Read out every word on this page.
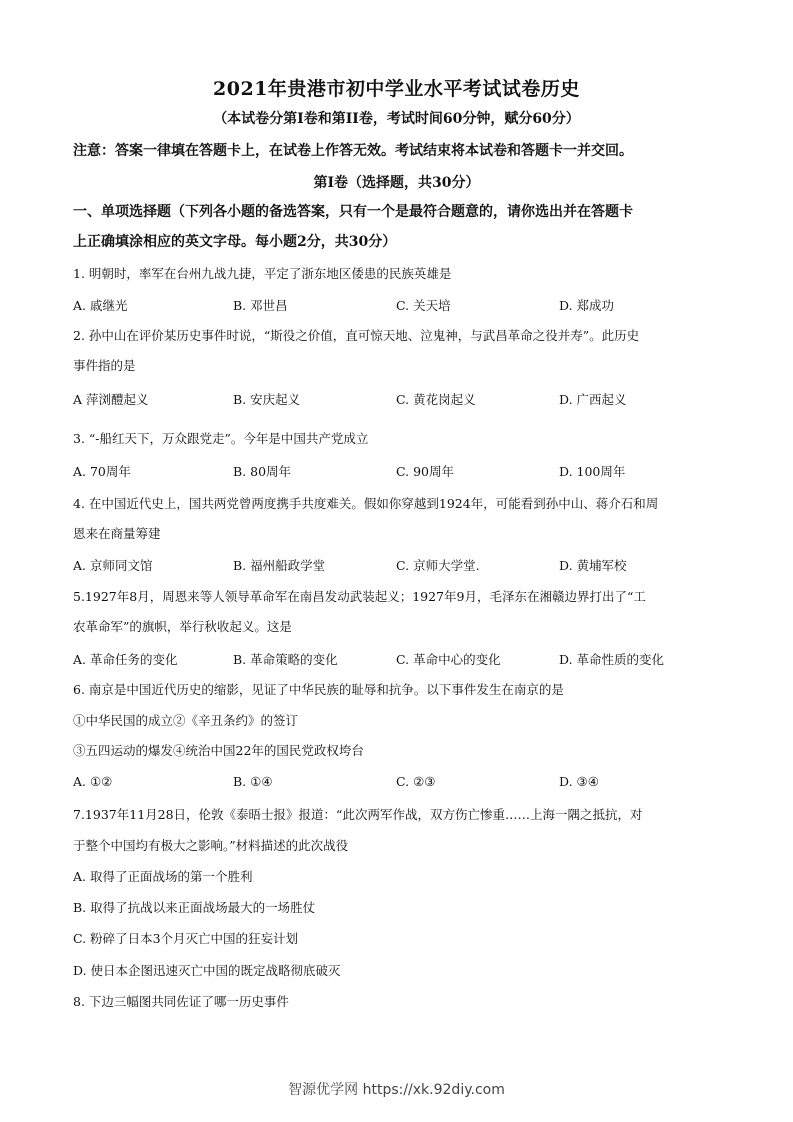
2021年贵港市初中学业水平考试试卷历史
（本试卷分第Ⅰ卷和第II卷，考试时间60分钟，赋分60分）
注意：答案一律填在答题卡上，在试卷上作答无效。考试结束将本试卷和答题卡一并交回。
第Ⅰ卷（选择题，共30分）
一、单项选择题（下列各小题的备选答案，只有一个是最符合题意的，请你选出并在答题卡
上正确填涂相应的英文字母。每小题2分，共30分）
1. 明朝时，率军在台州九战九捷，平定了浙东地区倭患的民族英雄是
A. 戚继光	B. 邓世昌	C. 关天培	D. 郑成功
2. 孙中山在评价某历史事件时说，“斯役之价值，直可惊天地、泣鬼神，与武昌革命之役并寿”。此历史
事件指的是
A 萍浏醴起义	B. 安庆起义	C. 黄花岗起义	D. 广西起义
3. “-船红天下，万众跟党走”。今年是中国共产党成立
A. 70周年	B. 80周年	C. 90周年	D. 100周年
4. 在中国近代史上，国共两党曾两度携手共度难关。假如你穿越到1924年，可能看到孙中山、蒋介石和周
恩来在商量筹建
A. 京师同文馆	B. 福州船政学堂	C. 京师大学堂.	D. 黄埔军校
5.1927年8月，周恩来等人领导革命军在南昌发动武装起义；1927年9月，毛泽东在湘赣边界打出了“工
农革命军”的旗帜，举行秋收起义。这是
A. 革命任务的变化	B. 革命策略的变化	C. 革命中心的变化	D. 革命性质的变化
6. 南京是中国近代历史的缩影，见证了中华民族的耻辱和抗争。以下事件发生在南京的是
①中华民国的成立②《辛丑条约》的签订
③五四运动的爆发④统治中国22年的国民党政权垮台
A. ①②	B. ①④	C. ②③	D. ③④
7.1937年11月28日，伦敦《泰晤士报》报道：“此次两军作战，双方伤亡惨重……上海一隅之抵抗，对
于整个中国均有极大之影响。”材料描述的此次战役
A. 取得了正面战场的第一个胜利
B. 取得了抗战以来正面战场最大的一场胜仗
C. 粉碎了日本3个月灭亡中国的狂妄计划
D. 使日本企图迅速灭亡中国的既定战略彻底破灭
8. 下边三幅图共同佐证了哪一历史事件
智源优学网 https://xk.92diy.com
